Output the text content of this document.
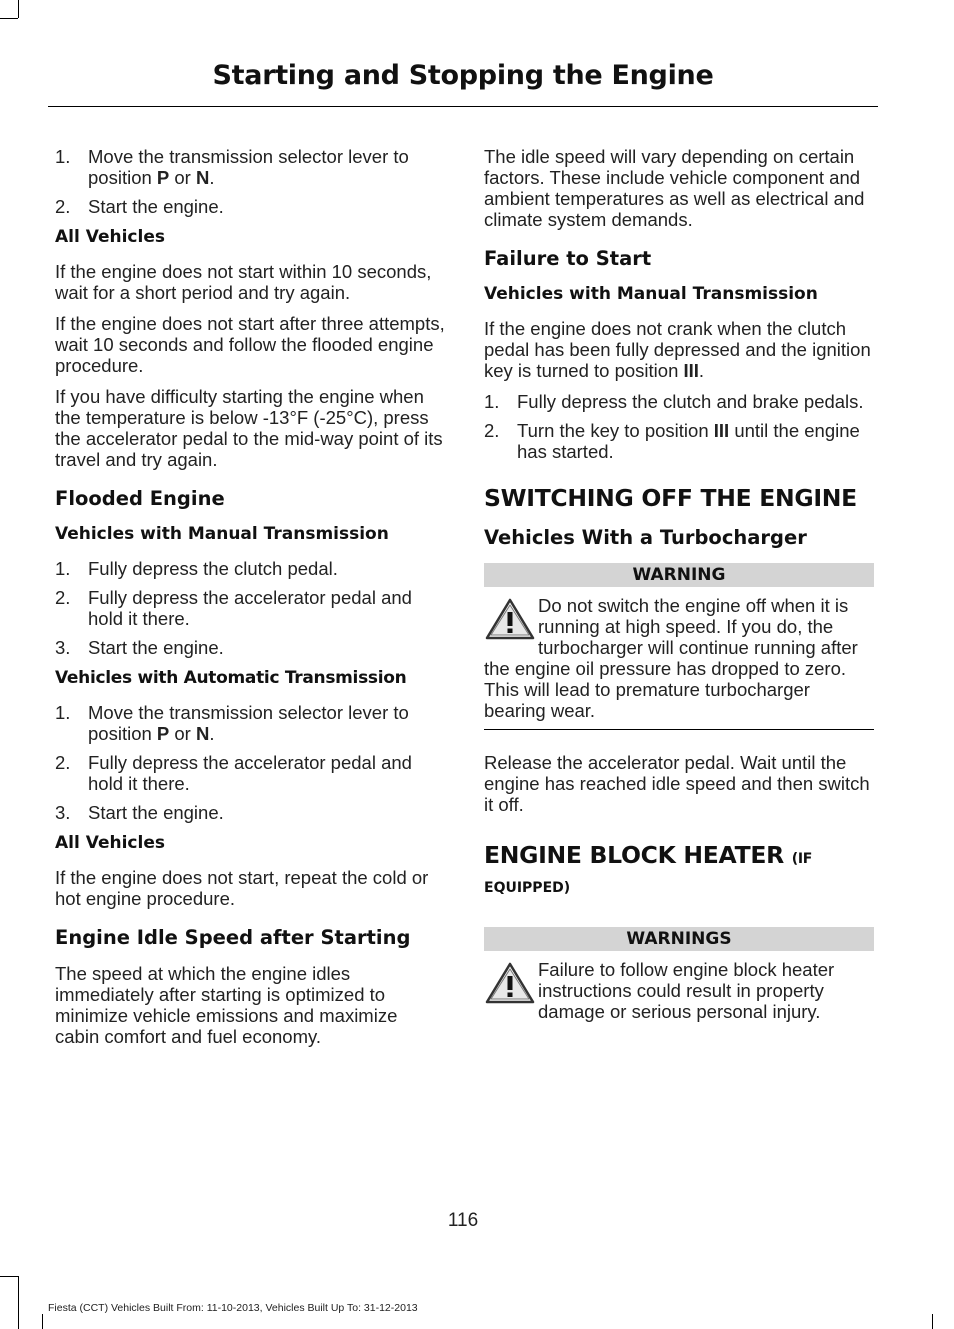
Starting and Stopping the Engine
1. Move the transmission selector lever to position P or N.
2. Start the engine.
All Vehicles

If the engine does not start within 10 seconds, wait for a short period and try again.

If the engine does not start after three attempts, wait 10 seconds and follow the flooded engine procedure.

If you have difficulty starting the engine when the temperature is below -13°F (-25°C), press the accelerator pedal to the mid-way point of its travel and try again.

Flooded Engine
Vehicles with Manual Transmission
1. Fully depress the clutch pedal.
2. Fully depress the accelerator pedal and hold it there.
3. Start the engine.
Vehicles with Automatic Transmission
1. Move the transmission selector lever to position P or N.
2. Fully depress the accelerator pedal and hold it there.
3. Start the engine.
All Vehicles

If the engine does not start, repeat the cold or hot engine procedure.

Engine Idle Speed after Starting

The speed at which the engine idles immediately after starting is optimized to minimize vehicle emissions and maximize cabin comfort and fuel economy.

The idle speed will vary depending on certain factors. These include vehicle component and ambient temperatures as well as electrical and climate system demands.

Failure to Start
Vehicles with Manual Transmission

If the engine does not crank when the clutch pedal has been fully depressed and the ignition key is turned to position III.

1. Fully depress the clutch and brake pedals.
2. Turn the key to position III until the engine has started.
SWITCHING OFF THE ENGINE
Vehicles With a Turbocharger
WARNING
Do not switch the engine off when it is running at high speed. If you do, the turbocharger will continue running after the engine oil pressure has dropped to zero. This will lead to premature turbocharger bearing wear.

Release the accelerator pedal. Wait until the engine has reached idle speed and then switch it off.

ENGINE BLOCK HEATER (IF
EQUIPPED)
WARNINGS
Failure to follow engine block heater instructions could result in property damage or serious personal injury.
116
Fiesta (CCT) Vehicles Built From: 11-10-2013, Vehicles Built Up To: 31-12-2013
